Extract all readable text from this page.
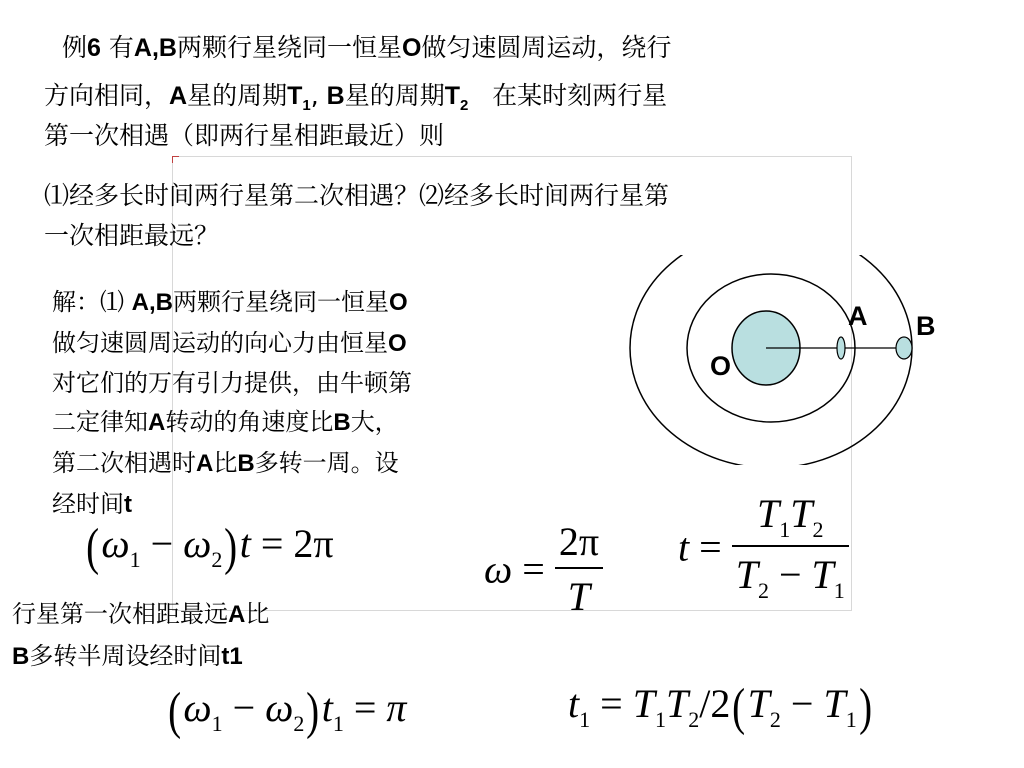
例6 有A,B两颗行星绕同一恒星O做匀速圆周运动，绕行
方向相同，A星的周期$T_1$, B星的周期$T_2$ 在某时刻两行星
第一次相遇（即两行星相距最近）则
⑴经多长时间两行星第二次相遇？⑵经多长时间两行星第
一次相距最远？
解：⑴ A,B两颗行星绕同一恒星O
做匀速圆周运动的向心力由恒星O
对它们的万有引力提供，由牛顿第
二定律知A转动的角速度比B大，
第二次相遇时A比B多转一周。设
经时间t
行星第一次相距最远A比
B多转半周设经时间t1
A B
O
$(\omega_1 - \omega_2)t = 2\pi$
$\omega = \frac{2\pi}{T}$ $t = \frac{T_1T_2}{T_2 - T_1}$
$(\omega_1 - \omega_2)t_1 = \pi$	$t_1 = T_1T_2/2(T_2 - T_1)$
